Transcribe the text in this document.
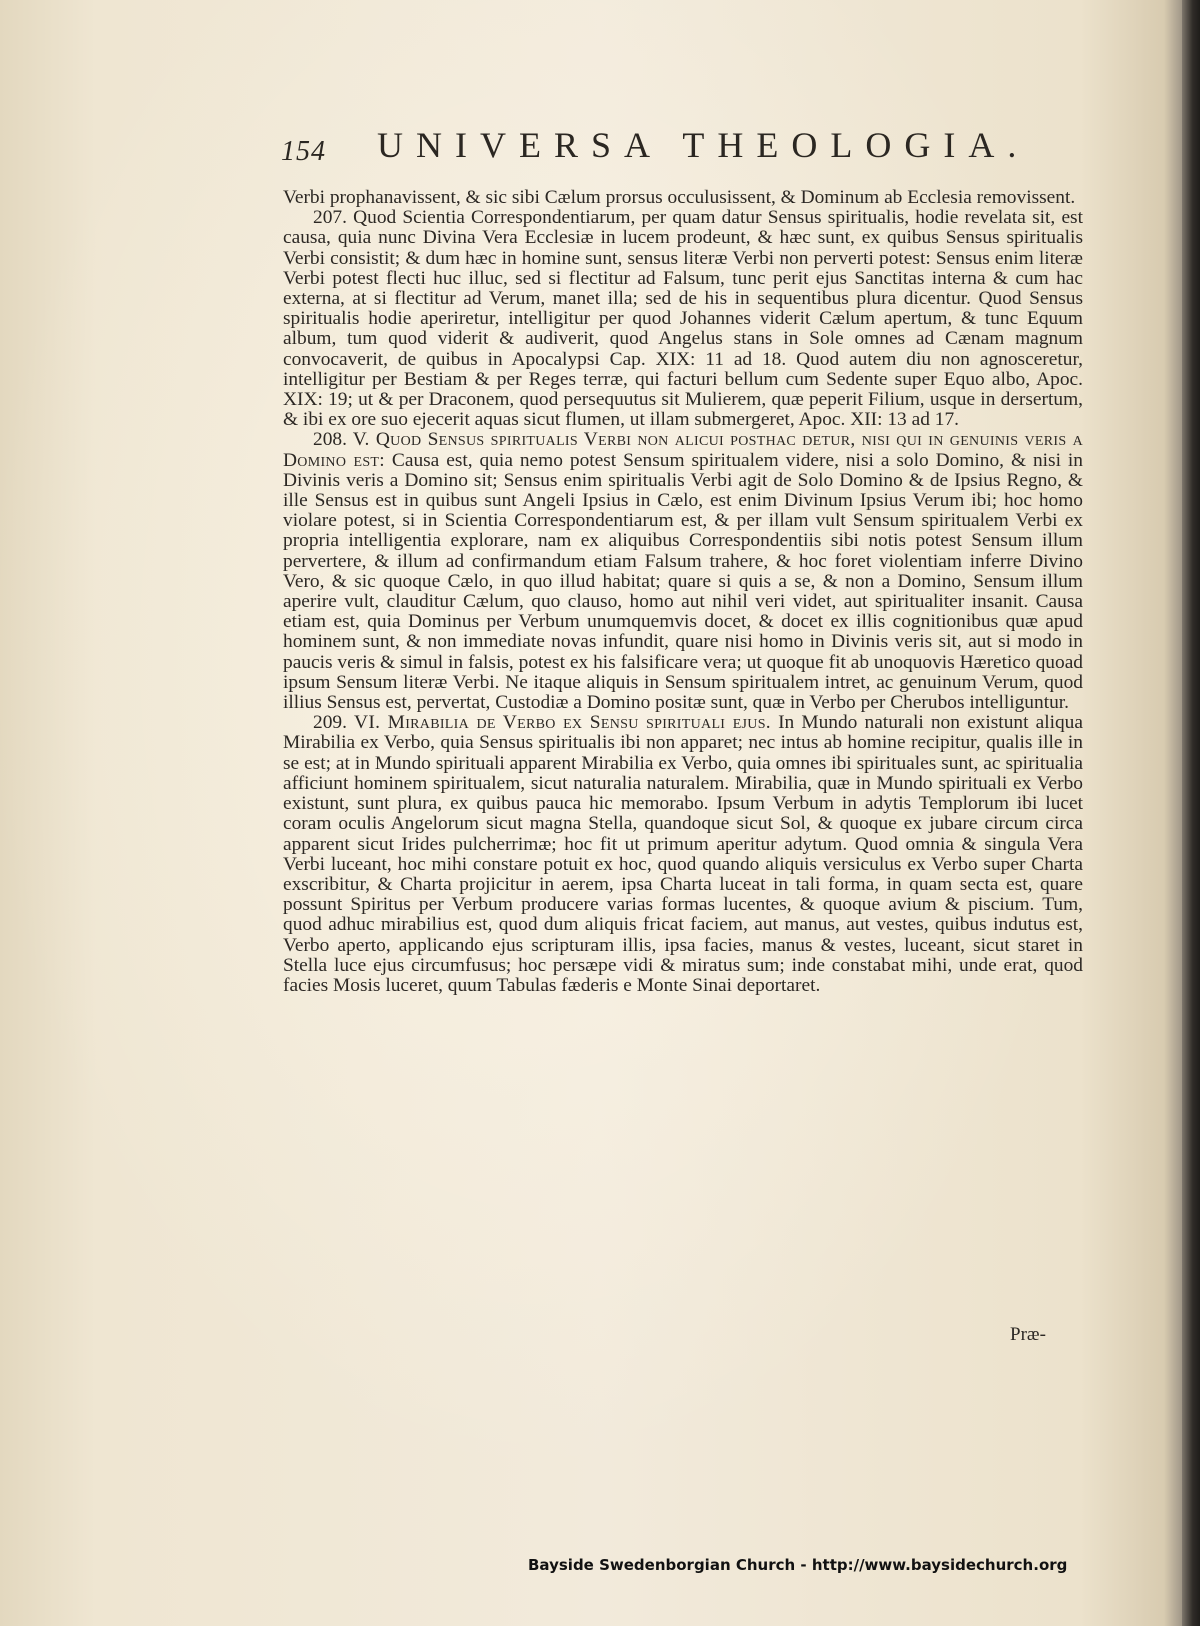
154 UNIVERSA THEOLOGIA.

Verbi prophanavissent, & sic sibi Cælum prorsus occulusissent, & Dominum ab Ecclesia removissent.

207. Quod Scientia Correspondentiarum, per quam datur Sensus spiritualis, hodie revelata sit, est causa, quia nunc Divina Vera Ecclesiæ in lucem prodeunt, & hæc sunt, ex quibus Sensus spiritualis Verbi consistit; & dum hæc in homine sunt, sensus literæ Verbi non perverti potest: Sensus enim literæ Verbi potest flecti huc illuc, sed si flectitur ad Falsum, tunc perit ejus Sanctitas interna & cum hac externa, at si flectitur ad Verum, manet illa; sed de his in sequentibus plura dicentur. Quod Sensus spiritualis hodie aperiretur, intelligitur per quod Johannes viderit Cælum apertum, & tunc Equum album, tum quod viderit & audiverit, quod Angelus stans in Sole omnes ad Cænam magnum convocaverit, de quibus in Apocalypsi Cap. XIX: 11 ad 18. Quod autem diu non agnosceretur, intelligitur per Bestiam & per Reges terræ, qui facturi bellum cum Sedente super Equo albo, Apoc. XIX: 19; ut & per Draconem, quod persequutus sit Mulierem, quæ peperit Filium, usque in dersertum, & ibi ex ore suo ejecerit aquas sicut flumen, ut illam submergeret, Apoc. XII: 13 ad 17.

208. V. Quod Sensus spiritualis Verbi non alicui posthac detur, nisi qui in genuinis veris a Domino est: Causa est, quia nemo potest Sensum spiritualem videre, nisi a solo Domino, & nisi in Divinis veris a Domino sit; Sensus enim spiritualis Verbi agit de Solo Domino & de Ipsius Regno, & ille Sensus est in quibus sunt Angeli Ipsius in Cælo, est enim Divinum Ipsius Verum ibi; hoc homo violare potest, si in Scientia Correspondentiarum est, & per illam vult Sensum spiritualem Verbi ex propria intelligentia explorare, nam ex aliquibus Correspondentiis sibi notis potest Sensum illum pervertere, & illum ad confirmandum etiam Falsum trahere, & hoc foret violentiam inferre Divino Vero, & sic quoque Cælo, in quo illud habitat; quare si quis a se, & non a Domino, Sensum illum aperire vult, clauditur Cælum, quo clauso, homo aut nihil veri videt, aut spiritualiter insanit. Causa etiam est, quia Dominus per Verbum unumquemvis docet, & docet ex illis cognitionibus quæ apud hominem sunt, & non immediate novas infundit, quare nisi homo in Divinis veris sit, aut si modo in paucis veris & simul in falsis, potest ex his falsificare vera; ut quoque fit ab unoquovis Hæretico quoad ipsum Sensum literæ Verbi. Ne itaque aliquis in Sensum spiritualem intret, ac genuinum Verum, quod illius Sensus est, pervertat, Custodiæ a Domino positæ sunt, quæ in Verbo per Cherubos intelliguntur.

209. VI. Mirabilia de Verbo ex Sensu spirituali ejus. In Mundo naturali non existunt aliqua Mirabilia ex Verbo, quia Sensus spiritualis ibi non apparet; nec intus ab homine recipitur, qualis ille in se est; at in Mundo spirituali apparent Mirabilia ex Verbo, quia omnes ibi spirituales sunt, ac spiritualia afficiunt hominem spiritualem, sicut naturalia naturalem. Mirabilia, quæ in Mundo spirituali ex Verbo existunt, sunt plura, ex quibus pauca hic memorabo. Ipsum Verbum in adytis Templorum ibi lucet coram oculis Angelorum sicut magna Stella, quandoque sicut Sol, & quoque ex jubare circum circa apparent sicut Irides pulcherrimæ; hoc fit ut primum aperitur adytum. Quod omnia & singula Vera Verbi luceant, hoc mihi constare potuit ex hoc, quod quando aliquis versiculus ex Verbo super Charta exscribitur, & Charta projicitur in aerem, ipsa Charta luceat in tali forma, in quam secta est, quare possunt Spiritus per Verbum producere varias formas lucentes, & quoque avium & piscium. Tum, quod adhuc mirabilius est, quod dum aliquis fricat faciem, aut manus, aut vestes, quibus indutus est, Verbo aperto, applicando ejus scripturam illis, ipsa facies, manus & vestes, luceant, sicut staret in Stella luce ejus circumfusus; hoc persæpe vidi & miratus sum; inde constabat mihi, unde erat, quod facies Mosis luceret, quum Tabulas fæderis e Monte Sinai deportaret.

Præ-
Bayside Swedenborgian Church - http://www.baysidechurch.org
